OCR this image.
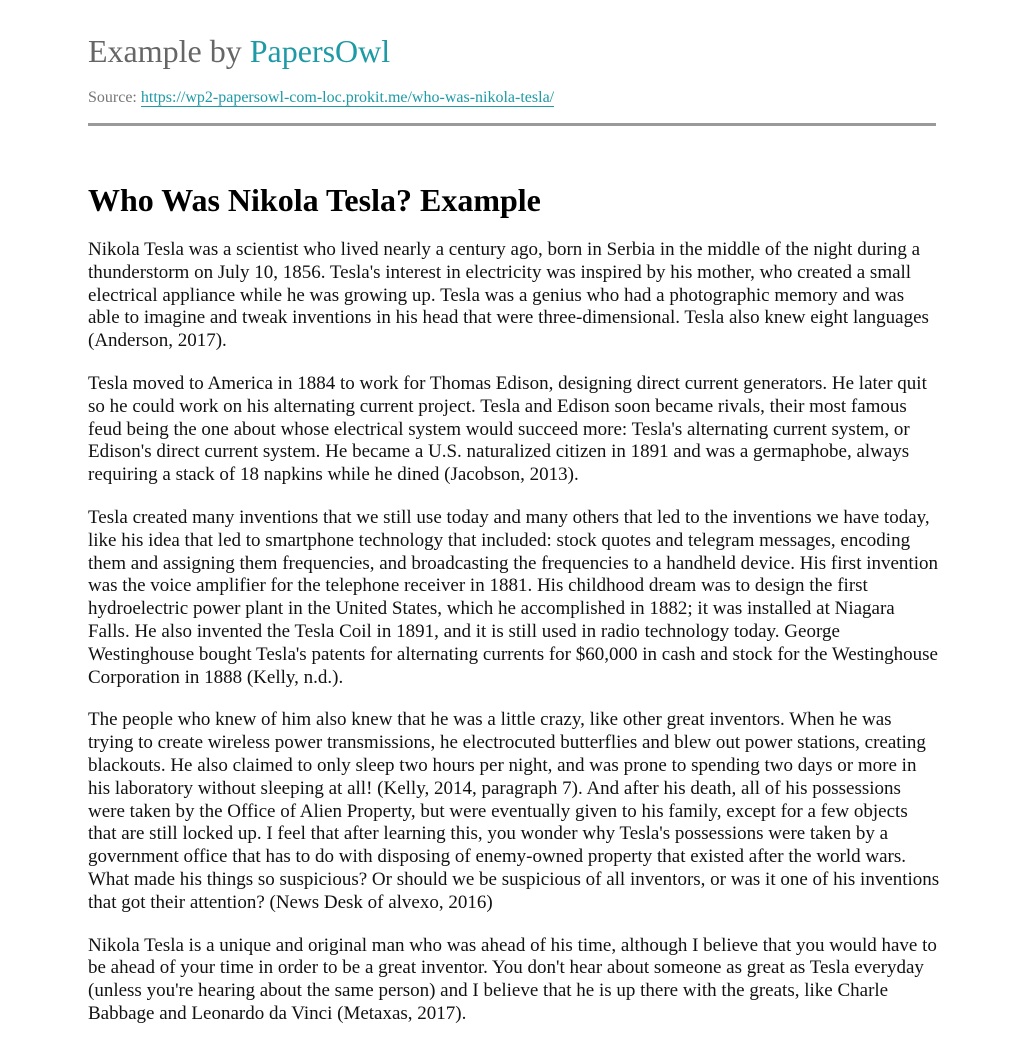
Example by PapersOwl
Source: https://wp2-papersowl-com-loc.prokit.me/who-was-nikola-tesla/
Who Was Nikola Tesla? Example

Nikola Tesla was a scientist who lived nearly a century ago, born in Serbia in the middle of the night during a thunderstorm on July 10, 1856. Tesla's interest in electricity was inspired by his mother, who created a small electrical appliance while he was growing up. Tesla was a genius who had a photographic memory and was able to imagine and tweak inventions in his head that were three-dimensional. Tesla also knew eight languages (Anderson, 2017).

Tesla moved to America in 1884 to work for Thomas Edison, designing direct current generators. He later quit so he could work on his alternating current project. Tesla and Edison soon became rivals, their most famous feud being the one about whose electrical system would succeed more: Tesla's alternating current system, or Edison's direct current system. He became a U.S. naturalized citizen in 1891 and was a germaphobe, always requiring a stack of 18 napkins while he dined (Jacobson, 2013).

Tesla created many inventions that we still use today and many others that led to the inventions we have today, like his idea that led to smartphone technology that included: stock quotes and telegram messages, encoding them and assigning them frequencies, and broadcasting the frequencies to a handheld device. His first invention was the voice amplifier for the telephone receiver in 1881. His childhood dream was to design the first hydroelectric power plant in the United States, which he accomplished in 1882; it was installed at Niagara Falls. He also invented the Tesla Coil in 1891, and it is still used in radio technology today. George Westinghouse bought Tesla's patents for alternating currents for $60,000 in cash and stock for the Westinghouse Corporation in 1888 (Kelly, n.d.).

The people who knew of him also knew that he was a little crazy, like other great inventors. When he was trying to create wireless power transmissions, he electrocuted butterflies and blew out power stations, creating blackouts. He also claimed to only sleep two hours per night, and was prone to spending two days or more in his laboratory without sleeping at all! (Kelly, 2014, paragraph 7). And after his death, all of his possessions were taken by the Office of Alien Property, but were eventually given to his family, except for a few objects that are still locked up. I feel that after learning this, you wonder why Tesla's possessions were taken by a government office that has to do with disposing of enemy-owned property that existed after the world wars. What made his things so suspicious? Or should we be suspicious of all inventors, or was it one of his inventions that got their attention? (News Desk of alvexo, 2016)

Nikola Tesla is a unique and original man who was ahead of his time, although I believe that you would have to be ahead of your time in order to be a great inventor. You don't hear about someone as great as Tesla everyday (unless you're hearing about the same person) and I believe that he is up there with the greats, like Charle Babbage and Leonardo da Vinci (Metaxas, 2017).
